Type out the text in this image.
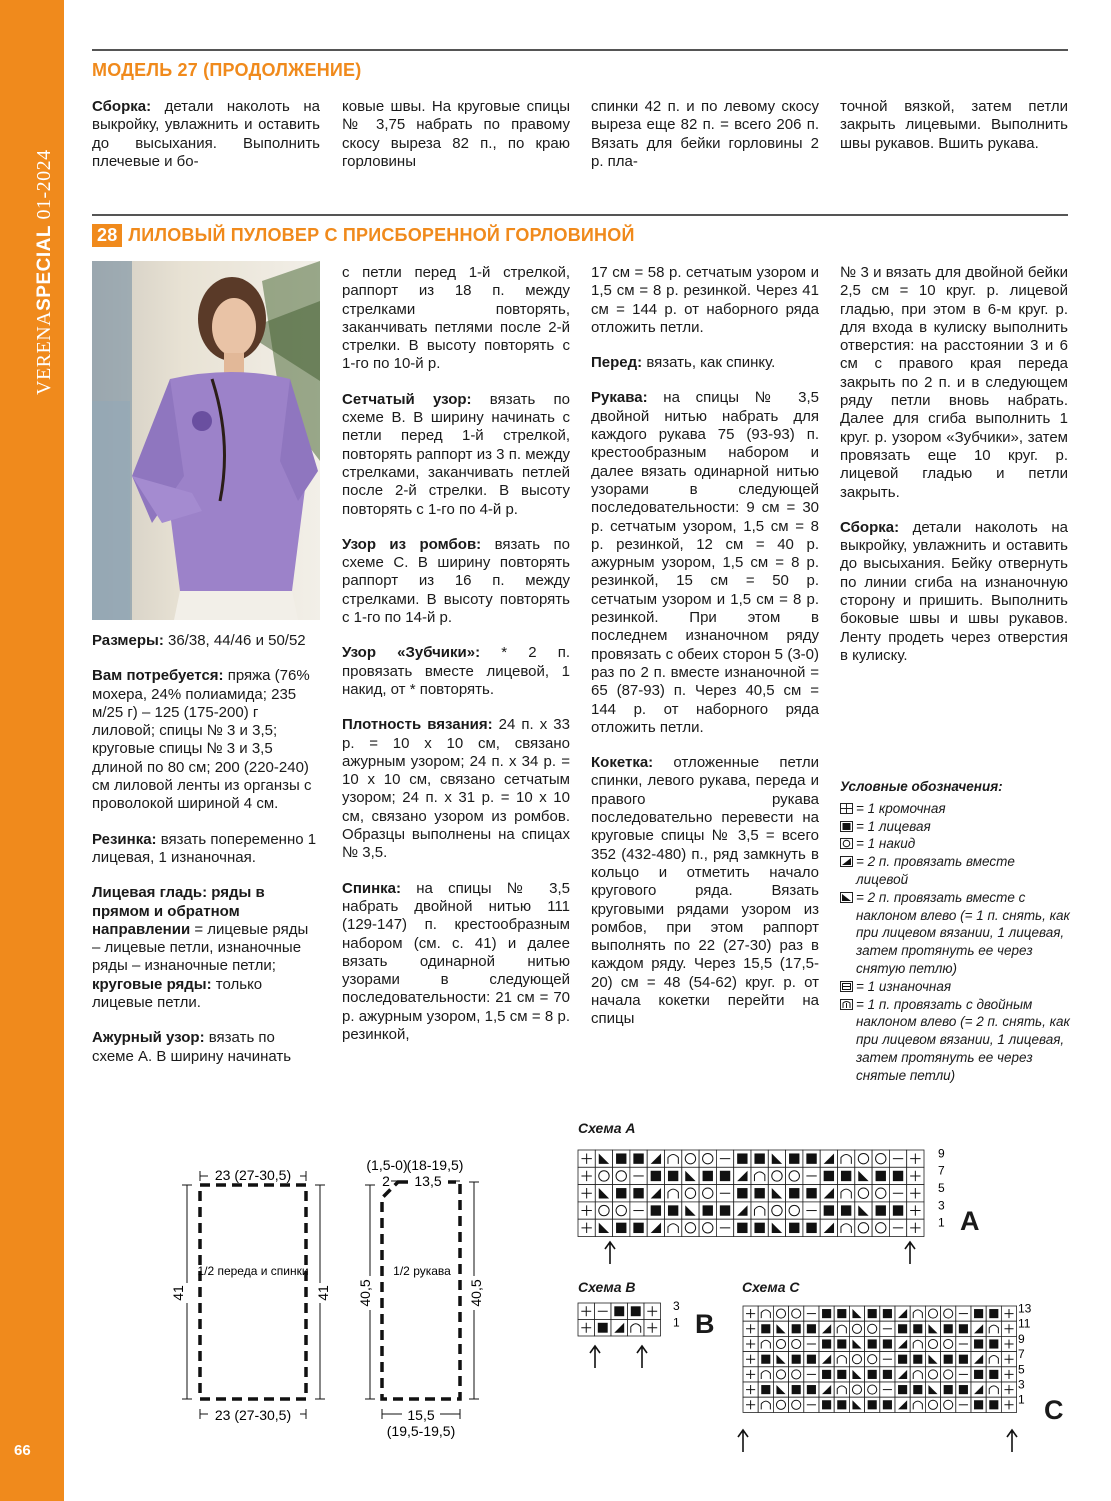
VERENASPECIAL 01-2024
66
МОДЕЛЬ 27 (ПРОДОЛЖЕНИЕ)
Сборка: детали наколоть на выкройку, увлажнить и оставить до высыхания. Выполнить плечевые и бо-
ковые швы. На круговые спицы № 3,75 набрать по правому скосу выреза 82 п., по краю горловины
спинки 42 п. и по левому скосу выреза еще 82 п. = всего 206 п. Вязать для бейки горловины 2 р. пла-
точной вязкой, затем петли закрыть лицевыми. Выполнить швы рукавов. Вшить рукава.
28 ЛИЛОВЫЙ ПУЛОВЕР С ПРИСБОРЕННОЙ ГОРЛОВИНОЙ

Размеры: 36/38, 44/46 и 50/52

Вам потребуется: пряжа (76% мохера, 24% полиамида; 235 м/25 г) – 125 (175-200) г лиловой; спицы № 3 и 3,5; круговые спицы № 3 и 3,5 длиной по 80 см; 200 (220-240) см лиловой ленты из органзы с проволокой шириной 4 см.

Резинка: вязать попеременно 1 лицевая, 1 изнаночная.

Лицевая гладь: ряды в прямом и обратном направлении = лицевые ряды – лицевые петли, изнаночные ряды – изнаночные петли; круговые ряды: только лицевые петли.

Ажурный узор: вязать по схеме А. В ширину начинать

с петли перед 1-й стрелкой, раппорт из 18 п. между стрелками повторять, заканчивать петлями после 2-й стрелки. В высоту повторять с 1-го по 10-й р.

Сетчатый узор: вязать по схеме В. В ширину начинать с петли перед 1-й стрелкой, повторять раппорт из 3 п. между стрелками, заканчивать петлей после 2-й стрелки. В высоту повторять с 1-го по 4-й р.

Узор из ромбов: вязать по схеме С. В ширину повторять раппорт из 16 п. между стрелками. В высоту повторять с 1-го по 14-й р.

Узор «Зубчики»: * 2 п. провязать вместе лицевой, 1 накид, от * повторять.

Плотность вязания: 24 п. х 33 р. = 10 х 10 см, связано ажурным узором; 24 п. х 34 р. = 10 х 10 см, связано сетчатым узором; 24 п. х 31 р. = 10 х 10 см, связано узором из ромбов. Образцы выполнены на спицах № 3,5.

Спинка: на спицы № 3,5 набрать двойной нитью 111 (129-147) п. крестообразным набором (см. с. 41) и далее вязать одинарной нитью узорами в следующей последовательности: 21 см = 70 р. ажурным узором, 1,5 см = 8 р. резинкой,

17 см = 58 р. сетчатым узором и 1,5 см = 8 р. резинкой. Через 41 см = 144 р. от наборного ряда отложить петли.

Перед: вязать, как спинку.

Рукава: на спицы № 3,5 двойной нитью набрать для каждого рукава 75 (93-93) п. крестообразным набором и далее вязать одинарной нитью узорами в следующей последовательности: 9 см = 30 р. сетчатым узором, 1,5 см = 8 р. резинкой, 12 см = 40 р. ажурным узором, 1,5 см = 8 р. резинкой, 15 см = 50 р. сетчатым узором и 1,5 см = 8 р. резинкой. При этом в последнем изнаночном ряду провязать с обеих сторон 5 (3-0) раз по 2 п. вместе изнаночной = 65 (87-93) п. Через 40,5 см = 144 р. от наборного ряда отложить петли.

Кокетка: отложенные петли спинки, левого рукава, переда и правого рукава последовательно перевести на круговые спицы № 3,5 = всего 352 (432-480) п., ряд замкнуть в кольцо и отметить начало кругового ряда. Вязать круговыми рядами узором из ромбов, при этом раппорт выполнять по 22 (27-30) раз в каждом ряду. Через 15,5 (17,5-20) см = 48 (54-62) круг. р. от начала кокетки перейти на спицы

№ 3 и вязать для двойной бейки 2,5 см = 10 круг. р. лицевой гладью, при этом в 6-м круг. р. для входа в кулиску выполнить отверстия: на расстоянии 3 и 6 см с правого края переда закрыть по 2 п. и в следующем ряду петли вновь набрать. Далее для сгиба выполнить 1 круг. р. узором «Зубчики», затем провязать еще 10 круг. р. лицевой гладью и петли закрыть.

Сборка: детали наколоть на выкройку, увлажнить и оставить до высыхания. Бейку отвернуть по линии сгиба на изнаночную сторону и пришить. Выполнить боковые швы и швы рукавов. Ленту продеть через отверстия в кулиску.

Условные обозначения:
= 1 кромочная
= 1 лицевая
= 1 накид
= 2 п. провязать вместе лицевой
= 2 п. провязать вместе с наклоном влево (= 1 п. снять, как при лицевом вязании, 1 лицевая, затем протянуть ее через снятую петлю)
= 1 изнаночная
= 1 п. провязать с двойным наклоном влево (= 2 п. снять, как при лицевом вязании, 1 лицевая, затем протянуть ее через снятые петли)
23 (27-30,5)
23 (27-30,5)
41	41
1/2 переда и спинки
(1,5-0)
(18-19,5)
2 13,5
40,5	40,5
1/2 рукава
15,5
(19,5-19,5)
Схема А
Схема В	Схема С
A
B
C
9
7
5
3
1
3
1
13
11
9
7
5
3
1
